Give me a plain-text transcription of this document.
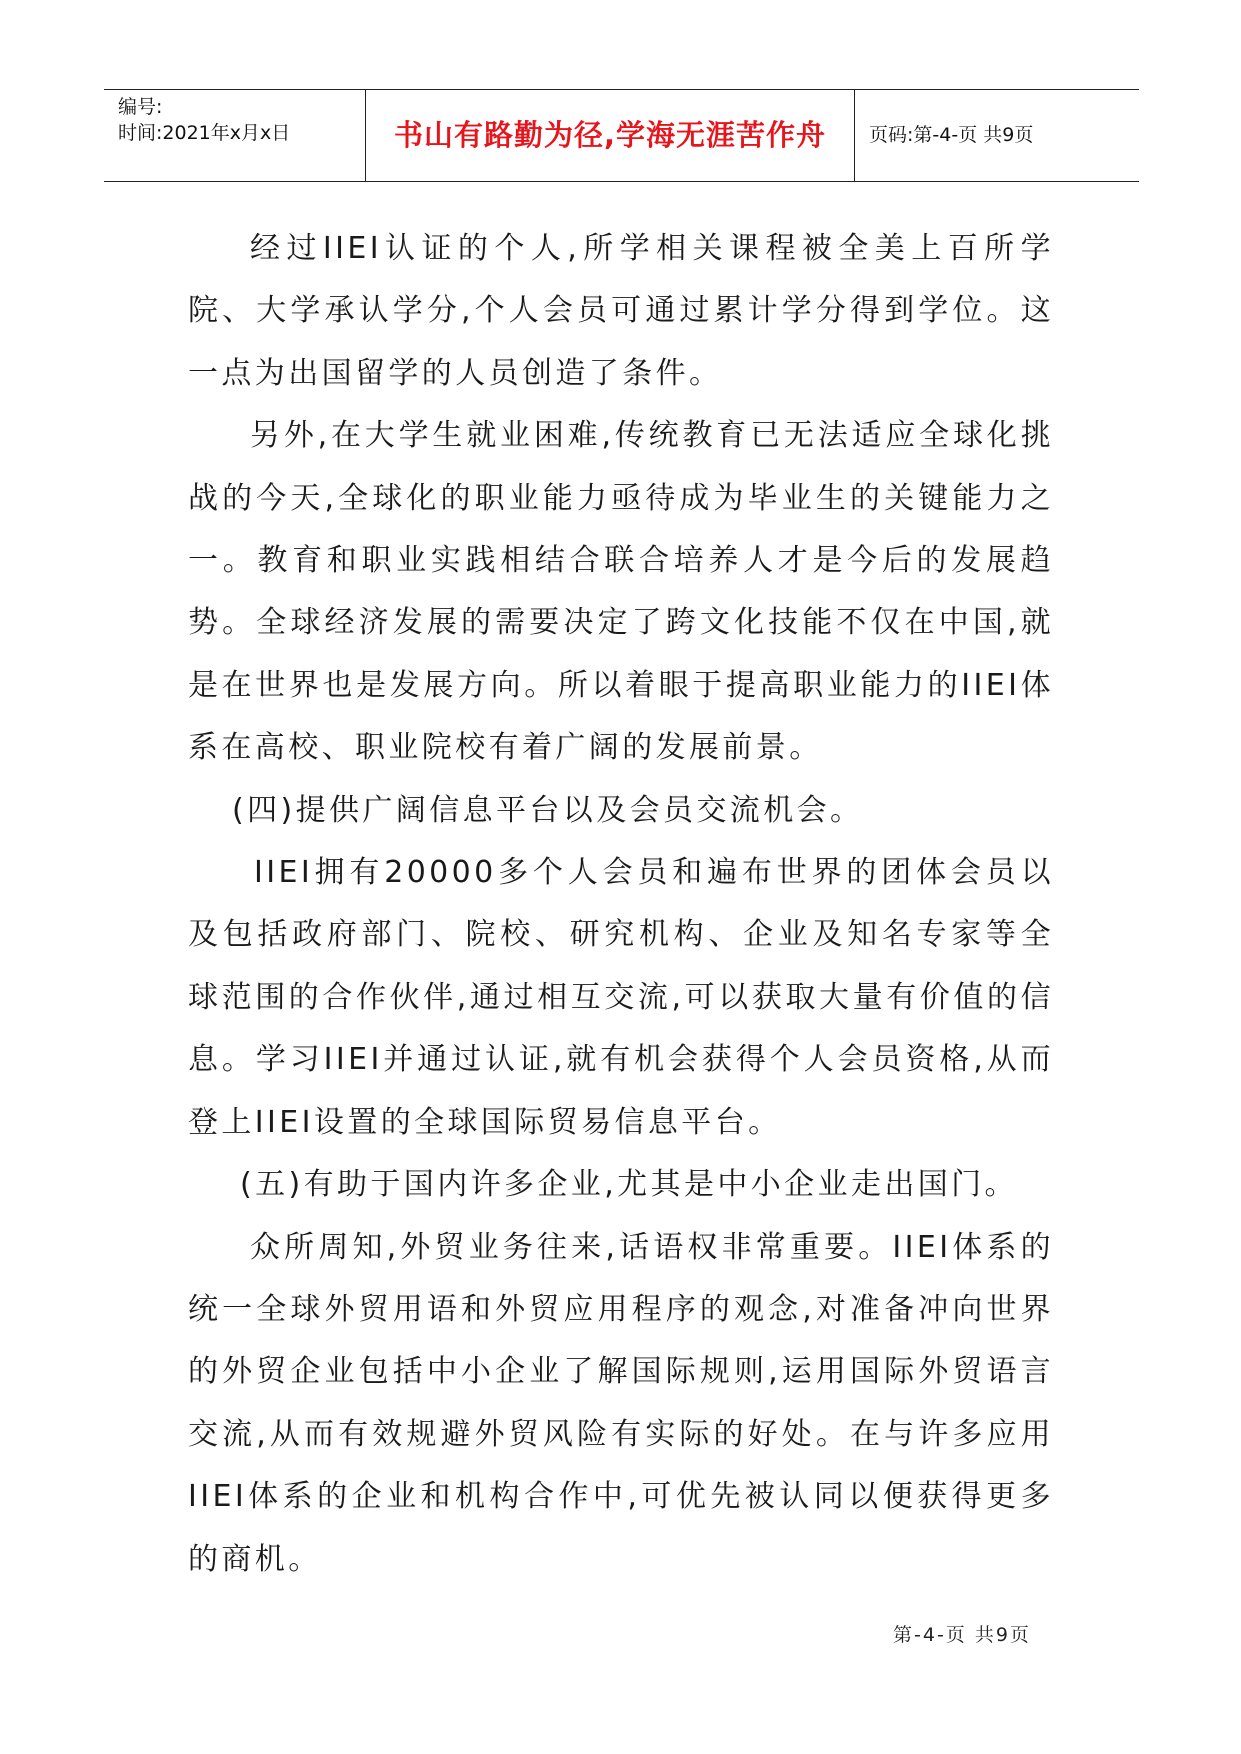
编号:
时间:2021年x月x日	书山有路勤为径,学海无涯苦作舟	页码:第-4-页 共9页

经过IIEI认证的个人,所学相关课程被全美上百所学院、大学承认学分,个人会员可通过累计学分得到学位。这一点为出国留学的人员创造了条件。

另外,在大学生就业困难,传统教育已无法适应全球化挑战的今天,全球化的职业能力亟待成为毕业生的关键能力之一。教育和职业实践相结合联合培养人才是今后的发展趋势。全球经济发展的需要决定了跨文化技能不仅在中国,就是在世界也是发展方向。所以着眼于提高职业能力的IIEI体系在高校、职业院校有着广阔的发展前景。

(四)提供广阔信息平台以及会员交流机会。

IIEI拥有20000多个人会员和遍布世界的团体会员以及包括政府部门、院校、研究机构、企业及知名专家等全球范围的合作伙伴,通过相互交流,可以获取大量有价值的信息。学习IIEI并通过认证,就有机会获得个人会员资格,从而登上IIEI设置的全球国际贸易信息平台。

(五)有助于国内许多企业,尤其是中小企业走出国门。

众所周知,外贸业务往来,话语权非常重要。IIEI体系的统一全球外贸用语和外贸应用程序的观念,对准备冲向世界的外贸企业包括中小企业了解国际规则,运用国际外贸语言交流,从而有效规避外贸风险有实际的好处。在与许多应用IIEI体系的企业和机构合作中,可优先被认同以便获得更多的商机。

第-4-页 共9页
